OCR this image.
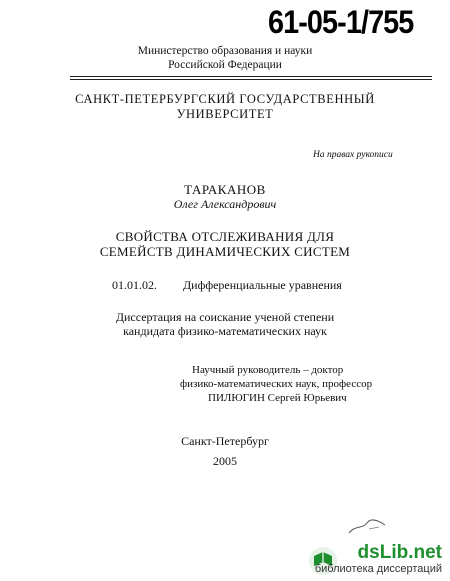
61-05-1/755
Министерство образования и науки
Российской Федерации
САНКТ-ПЕТЕРБУРГСКИЙ ГОСУДАРСТВЕННЫЙ
УНИВЕРСИТЕТ
На правах рукописи
ТАРАКАНОВ
Олег Александрович
СВОЙСТВА ОТСЛЕЖИВАНИЯ ДЛЯ
СЕМЕЙСТВ ДИНАМИЧЕСКИХ СИСТЕМ
01.01.02. Дифференциальные уравнения
Диссертация на соискание ученой степени
кандидата физико-математических наук
Научный руководитель – доктор
физико-математических наук, профессор
ПИЛЮГИН Сергей Юрьевич
Санкт-Петербург
2005
dsLib.net
библиотека диссертаций
